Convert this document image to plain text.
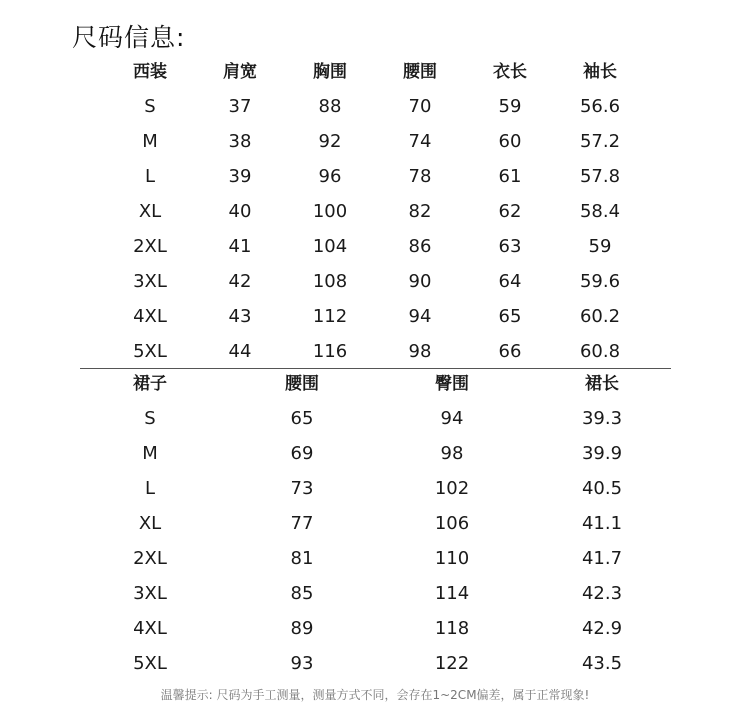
尺码信息:
西装	肩宽	胸围	腰围	衣长	袖长
S	37	88	70	59	56.6
M	38	92	74	60	57.2
L	39	96	78	61	57.8
XL	40	100	82	62	58.4
2XL	41	104	86	63	59
3XL	42	108	90	64	59.6
4XL	43	112	94	65	60.2
5XL	44	116	98	66	60.8
裙子	腰围	臀围	裙长
S	65	94	39.3
M	69	98	39.9
L	73	102	40.5
XL	77	106	41.1
2XL	81	110	41.7
3XL	85	114	42.3
4XL	89	118	42.9
5XL	93	122	43.5
温馨提示: 尺码为手工测量，测量方式不同，会存在1~2CM偏差，属于正常现象!
